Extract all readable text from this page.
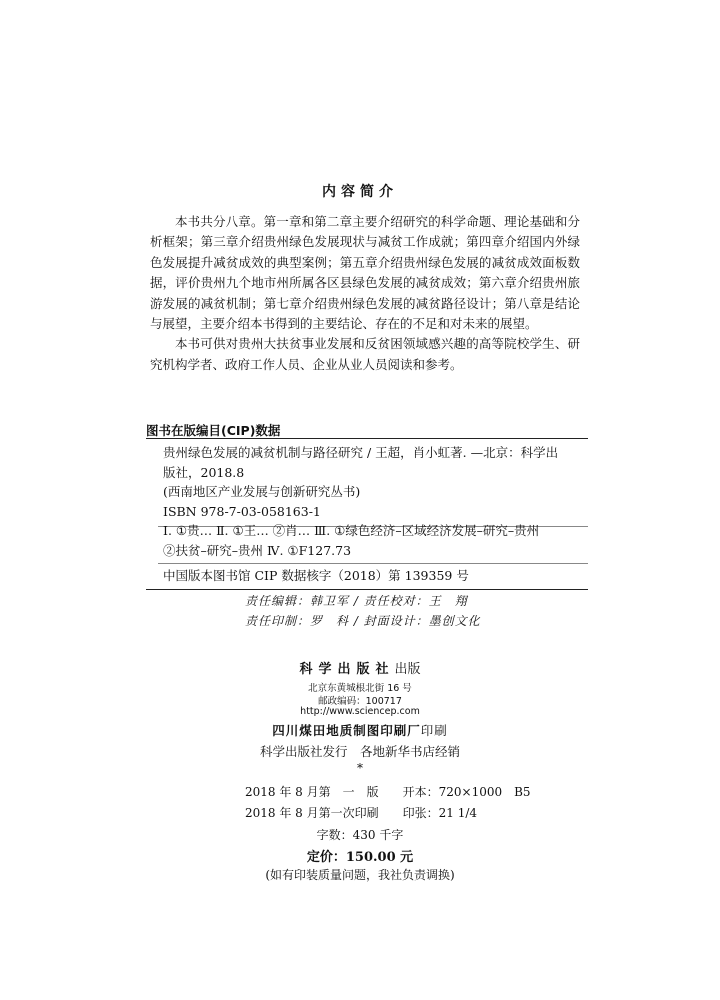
内容简介

本书共分八章。第一章和第二章主要介绍研究的科学命题、理论基础和分析框架；第三章介绍贵州绿色发展现状与减贫工作成就；第四章介绍国内外绿色发展提升减贫成效的典型案例；第五章介绍贵州绿色发展的减贫成效面板数据，评价贵州九个地市州所属各区县绿色发展的减贫成效；第六章介绍贵州旅游发展的减贫机制；第七章介绍贵州绿色发展的减贫路径设计；第八章是结论与展望，主要介绍本书得到的主要结论、存在的不足和对未来的展望。

本书可供对贵州大扶贫事业发展和反贫困领域感兴趣的高等院校学生、研究机构学者、政府工作人员、企业从业人员阅读和参考。

图书在版编目(CIP)数据

贵州绿色发展的减贫机制与路径研究 / 王超，肖小虹著. —北京：科学出

版社，2018.8

(西南地区产业发展与创新研究丛书)

ISBN 978-7-03-058163-1

Ⅰ. ①贵… Ⅱ. ①王… ②肖… Ⅲ. ①绿色经济–区域经济发展–研究–贵州

②扶贫–研究–贵州 Ⅳ. ①F127.73

中国版本图书馆 CIP 数据核字（2018）第 139359 号

责任编辑：韩卫军 / 责任校对：王　翔

责任印制：罗　科 / 封面设计：墨创文化

科学出版社出版

北京东黄城根北街 16 号

邮政编码：100717

http://www.sciencep.com

四川煤田地质制图印刷厂印刷

科学出版社发行　各地新华书店经销

*

2018 年 8 月第　一　版　　开本：720×1000　B5

2018 年 8 月第一次印刷　　印张：21 1/4

字数：430 千字

定价：150.00 元

(如有印装质量问题，我社负责调换)
